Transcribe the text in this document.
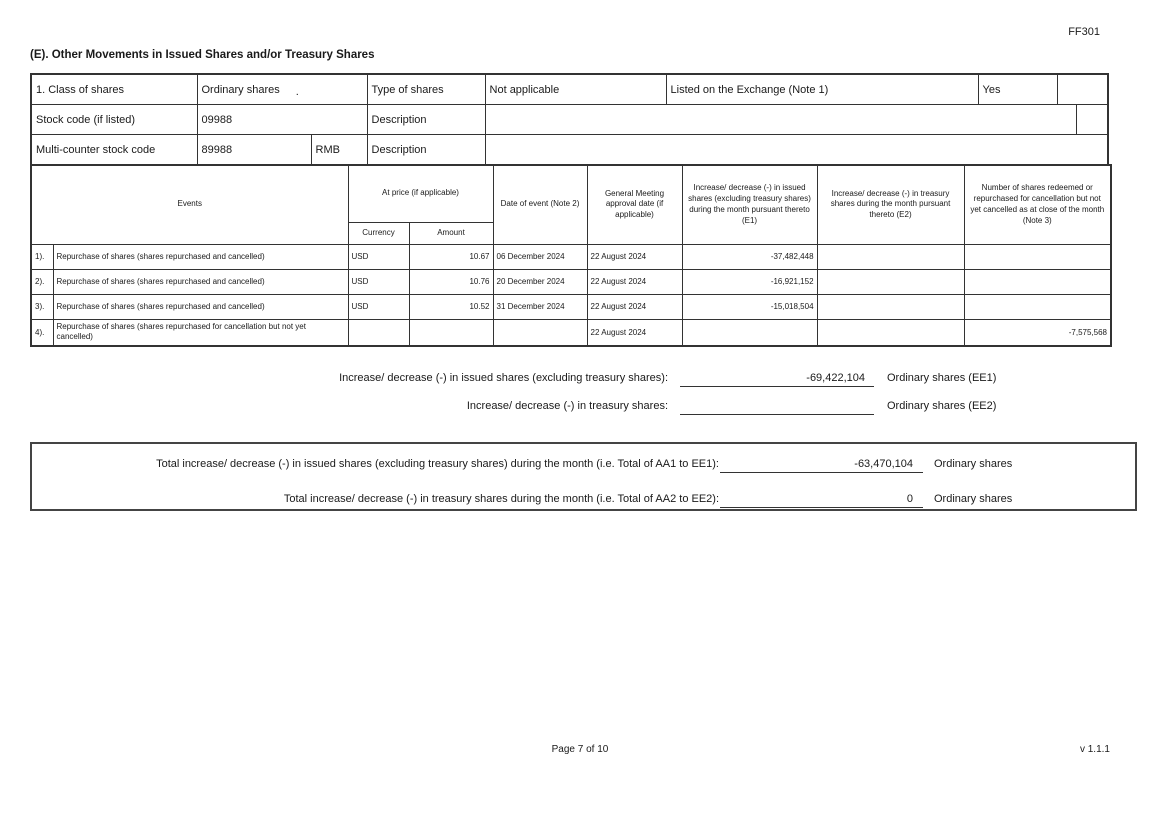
FF301
(E). Other Movements in Issued Shares and/or Treasury Shares
1. Class of shares	Ordinary shares .		Type of shares	Not applicable	Listed on the Exchange (Note 1)	Yes		
Stock code (if listed)	09988		Description					
Multi-counter stock code	89988	RMB	Description					
Events		At price (if applicable)		Date of event (Note 2)	General Meeting approval date (if applicable)	Increase/ decrease (-) in issued shares (excluding treasury shares) during the month pursuant thereto (E1)	Increase/ decrease (-) in treasury shares during the month pursuant thereto (E2)	Number of shares redeemed or repurchased for cancellation but not yet cancelled as at close of the month (Note 3)
		Currency	Amount					
1).	Repurchase of shares (shares repurchased and cancelled)	USD	10.67	06 December 2024	22 August 2024	-37,482,448		
2).	Repurchase of shares (shares repurchased and cancelled)	USD	10.76	20 December 2024	22 August 2024	-16,921,152		
3).	Repurchase of shares (shares repurchased and cancelled)	USD	10.52	31 December 2024	22 August 2024	-15,018,504		
4).	Repurchase of shares (shares repurchased for cancellation but not yet cancelled)				22 August 2024			-7,575,568
Increase/ decrease (-) in issued shares (excluding treasury shares):	-69,422,104	Ordinary shares (EE1)
Increase/ decrease (-) in treasury shares:	Ordinary shares (EE2)
Total increase/ decrease (-) in issued shares (excluding treasury shares) during the month (i.e. Total of AA1 to EE1):	-63,470,104	Ordinary shares
Total increase/ decrease (-) in treasury shares during the month (i.e. Total of AA2 to EE2):	0	Ordinary shares
Page 7 of 10	v 1.1.1
